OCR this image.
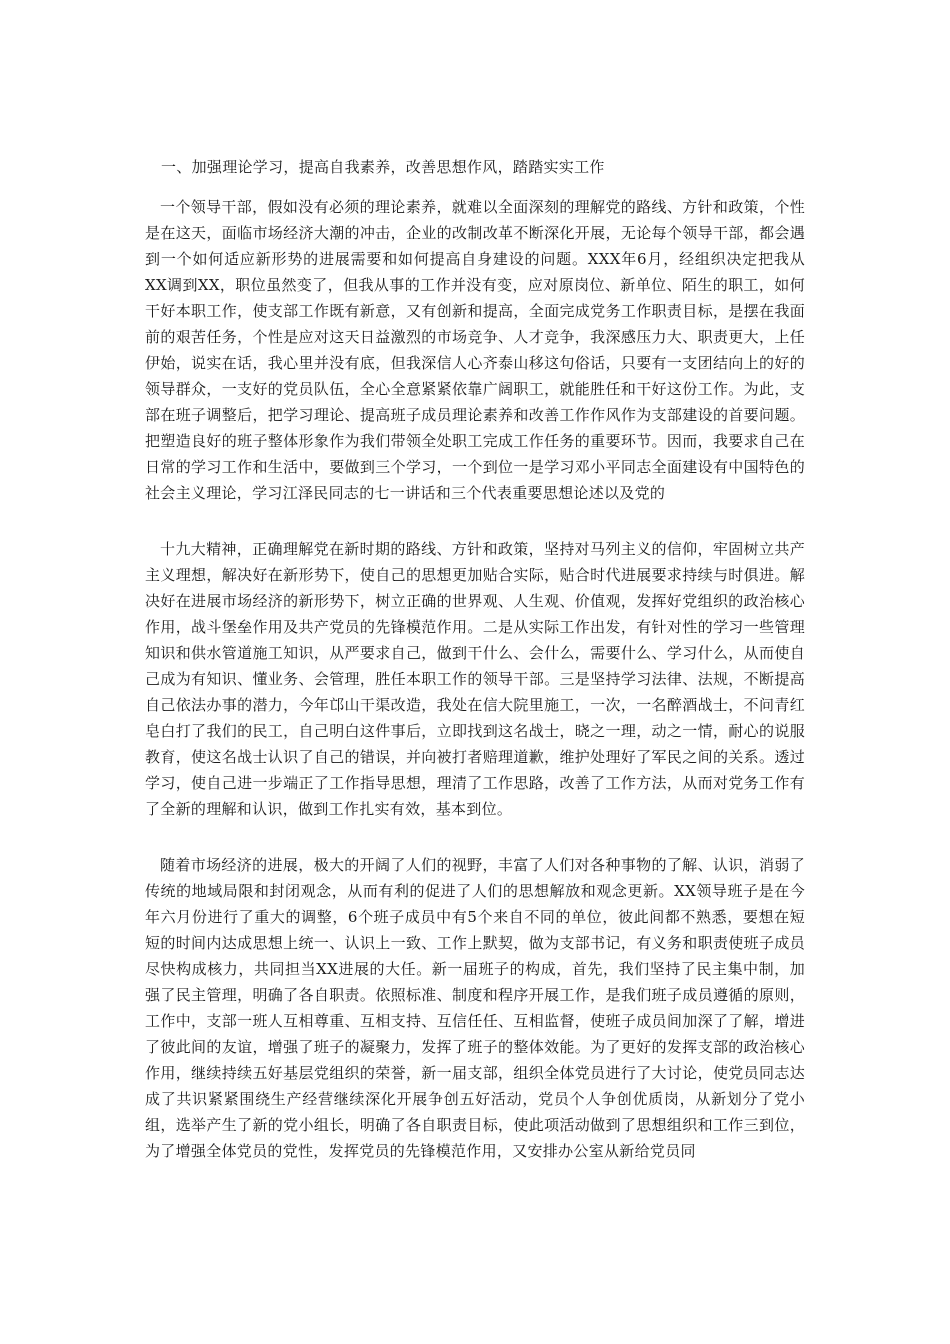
一、加强理论学习，提高自我素养，改善思想作风，踏踏实实工作

一个领导干部，假如没有必须的理论素养，就难以全面深刻的理解党的路线、方针和政策，个性是在这天，面临市场经济大潮的冲击，企业的改制改革不断深化开展，无论每个领导干部，都会遇到一个如何适应新形势的进展需要和如何提高自身建设的问题。XXX年6月，经组织决定把我从XX调到XX，职位虽然变了，但我从事的工作并没有变，应对原岗位、新单位、陌生的职工，如何干好本职工作，使支部工作既有新意，又有创新和提高，全面完成党务工作职责目标，是摆在我面前的艰苦任务，个性是应对这天日益激烈的市场竞争、人才竞争，我深感压力大、职责更大，上任伊始，说实在话，我心里并没有底，但我深信人心齐泰山移这句俗话，只要有一支团结向上的好的领导群众，一支好的党员队伍，全心全意紧紧依靠广阔职工，就能胜任和干好这份工作。为此，支部在班子调整后，把学习理论、提高班子成员理论素养和改善工作作风作为支部建设的首要问题。把塑造良好的班子整体形象作为我们带领全处职工完成工作任务的重要环节。因而，我要求自己在日常的学习工作和生活中，要做到三个学习，一个到位一是学习邓小平同志全面建设有中国特色的社会主义理论，学习江泽民同志的七一讲话和三个代表重要思想论述以及党的

十九大精神，正确理解党在新时期的路线、方针和政策，坚持对马列主义的信仰，牢固树立共产主义理想，解决好在新形势下，使自己的思想更加贴合实际，贴合时代进展要求持续与时俱进。解决好在进展市场经济的新形势下，树立正确的世界观、人生观、价值观，发挥好党组织的政治核心作用，战斗堡垒作用及共产党员的先锋模范作用。二是从实际工作出发，有针对性的学习一些管理知识和供水管道施工知识，从严要求自己，做到干什么、会什么，需要什么、学习什么，从而使自己成为有知识、懂业务、会管理，胜任本职工作的领导干部。三是坚持学习法律、法规，不断提高自己依法办事的潜力，今年邙山干渠改造，我处在信大院里施工，一次，一名醉酒战士，不问青红皂白打了我们的民工，自己明白这件事后，立即找到这名战士，晓之一理，动之一情，耐心的说服教育，使这名战士认识了自己的错误，并向被打者赔理道歉，维护处理好了军民之间的关系。透过学习，使自己进一步端正了工作指导思想，理清了工作思路，改善了工作方法，从而对党务工作有了全新的理解和认识，做到工作扎实有效，基本到位。

随着市场经济的进展，极大的开阔了人们的视野，丰富了人们对各种事物的了解、认识，消弱了传统的地域局限和封闭观念，从而有利的促进了人们的思想解放和观念更新。XX领导班子是在今年六月份进行了重大的调整，6个班子成员中有5个来自不同的单位，彼此间都不熟悉，要想在短短的时间内达成思想上统一、认识上一致、工作上默契，做为支部书记，有义务和职责使班子成员尽快构成核力，共同担当XX进展的大任。新一届班子的构成，首先，我们坚持了民主集中制，加强了民主管理，明确了各自职责。依照标准、制度和程序开展工作，是我们班子成员遵循的原则，工作中，支部一班人互相尊重、互相支持、互信任任、互相监督，使班子成员间加深了了解，增进了彼此间的友谊，增强了班子的凝聚力，发挥了班子的整体效能。为了更好的发挥支部的政治核心作用，继续持续五好基层党组织的荣誉，新一届支部，组织全体党员进行了大讨论，使党员同志达成了共识紧紧围绕生产经营继续深化开展争创五好活动，党员个人争创优质岗，从新划分了党小组，选举产生了新的党小组长，明确了各自职责目标，使此项活动做到了思想组织和工作三到位，为了增强全体党员的党性，发挥党员的先锋模范作用，又安排办公室从新给党员同
